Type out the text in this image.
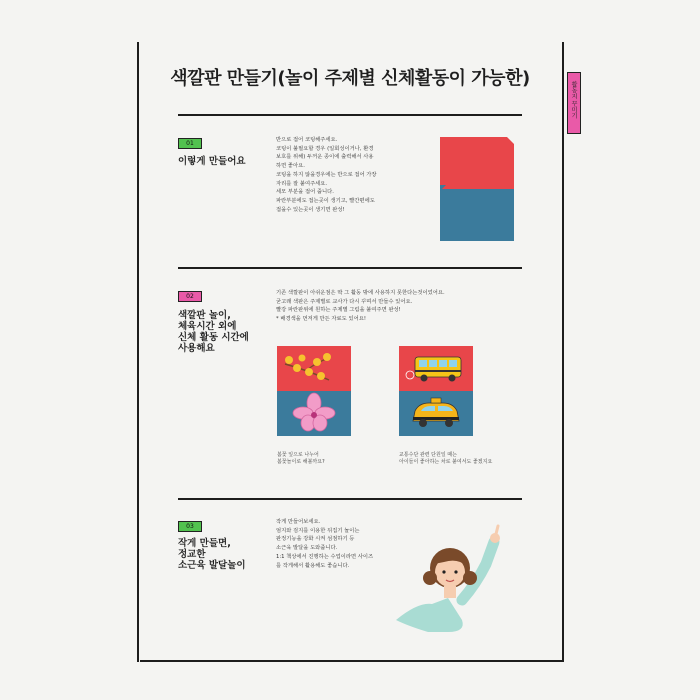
색깔판 만들기(놀이 주제별 신체활동이 가능한)
활동지 꾸미기
01
이렇게 만들어요
반으로 접어 코팅해주세요.
코팅이 불필요할 경우 (일회성이거나, 환경
보호를 위해) 두꺼운 종이에 출력해서 사용
하면 좋아요.
코팅을 하지 않을경우에는 반으로 접어 가장
자리를 잘 붙여주세요.
세모 부분을 접어 줍니다.
파란부분에도 접는곳이 생기고, 빨간편에도
접을수 있는곳이 생기면 완성!
02
색깔판 놀이,
체육시간 외에
신체 활동 시간에
사용해요
기존 색깔판이 아쉬운점은 딱 그 활동 밖에 사용하지 못한다는것이었어요.
굳고래 색판은 주제별로 교사가 다시 꾸며서 만들수 있어요.
빨강 파란판위에 원하는 주제별 그림을 붙여주면 완성!
* 배경색을 먼저게 만든 자료도 있어요!
봄꽃 잎으로 나누어
봄꽃놀이로 해볼까요?
교통수단 관련 단원일 때는
아이들이 좋아하는 차로 붙여서도 좋겠지요
03
작게 만들면,
정교한
소근육 발달놀이
작게 만들어보세요.
엄지와 검지를 이용한 뒤집기 놀이는
판정기능을 강화 시켜 섬점하기 등
소근육 발달을 도와줍니다.
1:1 책상에서 진행하는 수업이라면 사이즈
를 작게해서 활용해도 좋습니다.
